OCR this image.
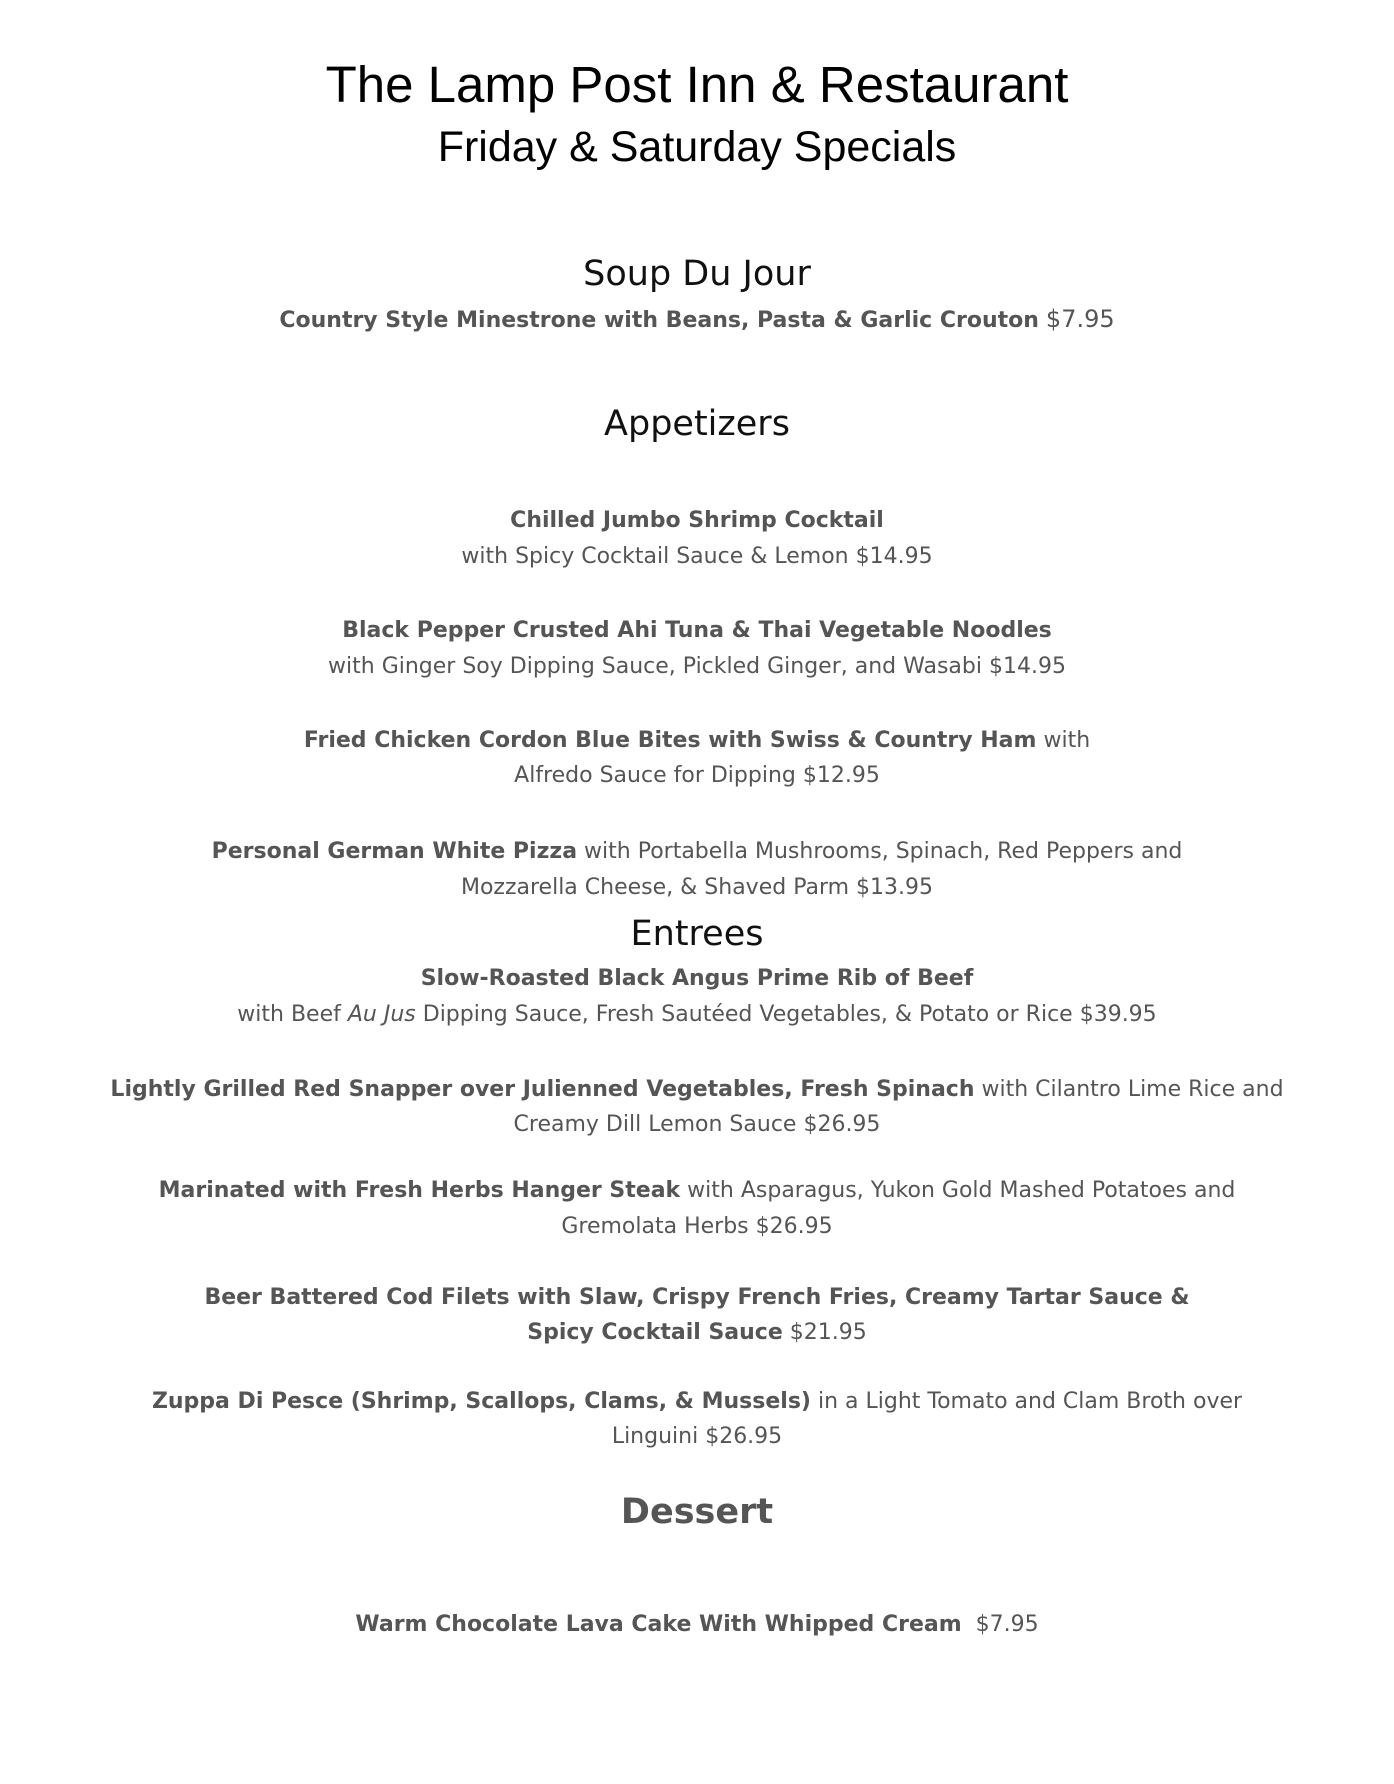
The Lamp Post Inn & Restaurant
Friday & Saturday Specials
Soup Du Jour
Country Style Minestrone with Beans, Pasta & Garlic Crouton $7.95
Appetizers
Chilled Jumbo Shrimp Cocktail
with Spicy Cocktail Sauce & Lemon $14.95
Black Pepper Crusted Ahi Tuna & Thai Vegetable Noodles
with Ginger Soy Dipping Sauce, Pickled Ginger, and Wasabi $14.95
Fried Chicken Cordon Blue Bites with Swiss & Country Ham with
Alfredo Sauce for Dipping $12.95
Personal German White Pizza with Portabella Mushrooms, Spinach, Red Peppers and
Mozzarella Cheese, & Shaved Parm $13.95
Entrees
Slow-Roasted Black Angus Prime Rib of Beef
with Beef Au Jus Dipping Sauce, Fresh Sautéed Vegetables, & Potato or Rice $39.95
Lightly Grilled Red Snapper over Julienned Vegetables, Fresh Spinach with Cilantro Lime Rice and
Creamy Dill Lemon Sauce $26.95
Marinated with Fresh Herbs Hanger Steak with Asparagus, Yukon Gold Mashed Potatoes and
Gremolata Herbs $26.95
Beer Battered Cod Filets with Slaw, Crispy French Fries, Creamy Tartar Sauce &
Spicy Cocktail Sauce $21.95
Zuppa Di Pesce (Shrimp, Scallops, Clams, & Mussels) in a Light Tomato and Clam Broth over
Linguini $26.95
Dessert
Warm Chocolate Lava Cake With Whipped Cream  $7.95
